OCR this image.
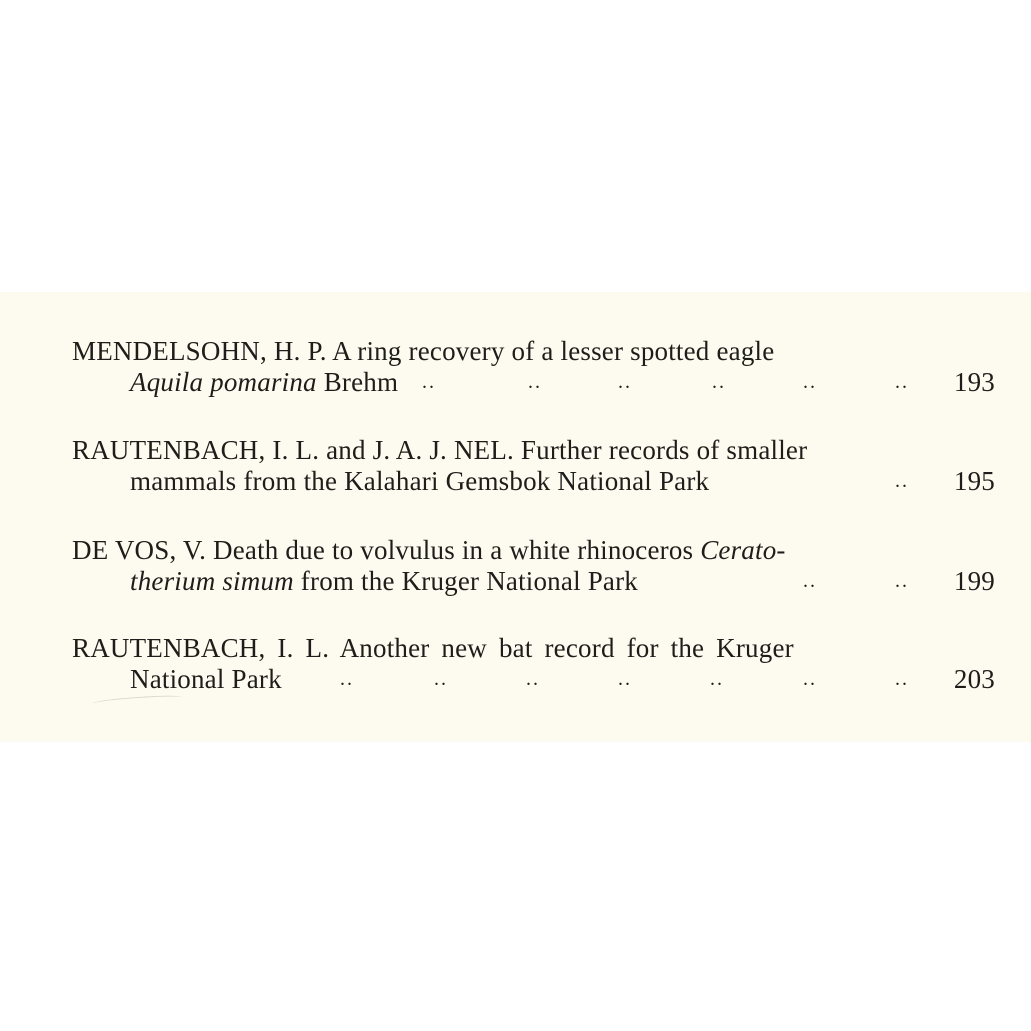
MENDELSOHN, H. P. A ring recovery of a lesser spotted eagle
Aquila pomarina Brehm ..	..	..	..	..	.. 193
RAUTENBACH, I. L. and J. A. J. NEL. Further records of smaller
mammals from the Kalahari Gemsbok National Park	.. 195
DE VOS, V. Death due to volvulus in a white rhinoceros Cerato-
therium simum from the Kruger National Park	..	.. 199
RAUTENBACH, I. L. Another new bat record for the Kruger
National Park	..	..	..	..	..	..	.. 203
